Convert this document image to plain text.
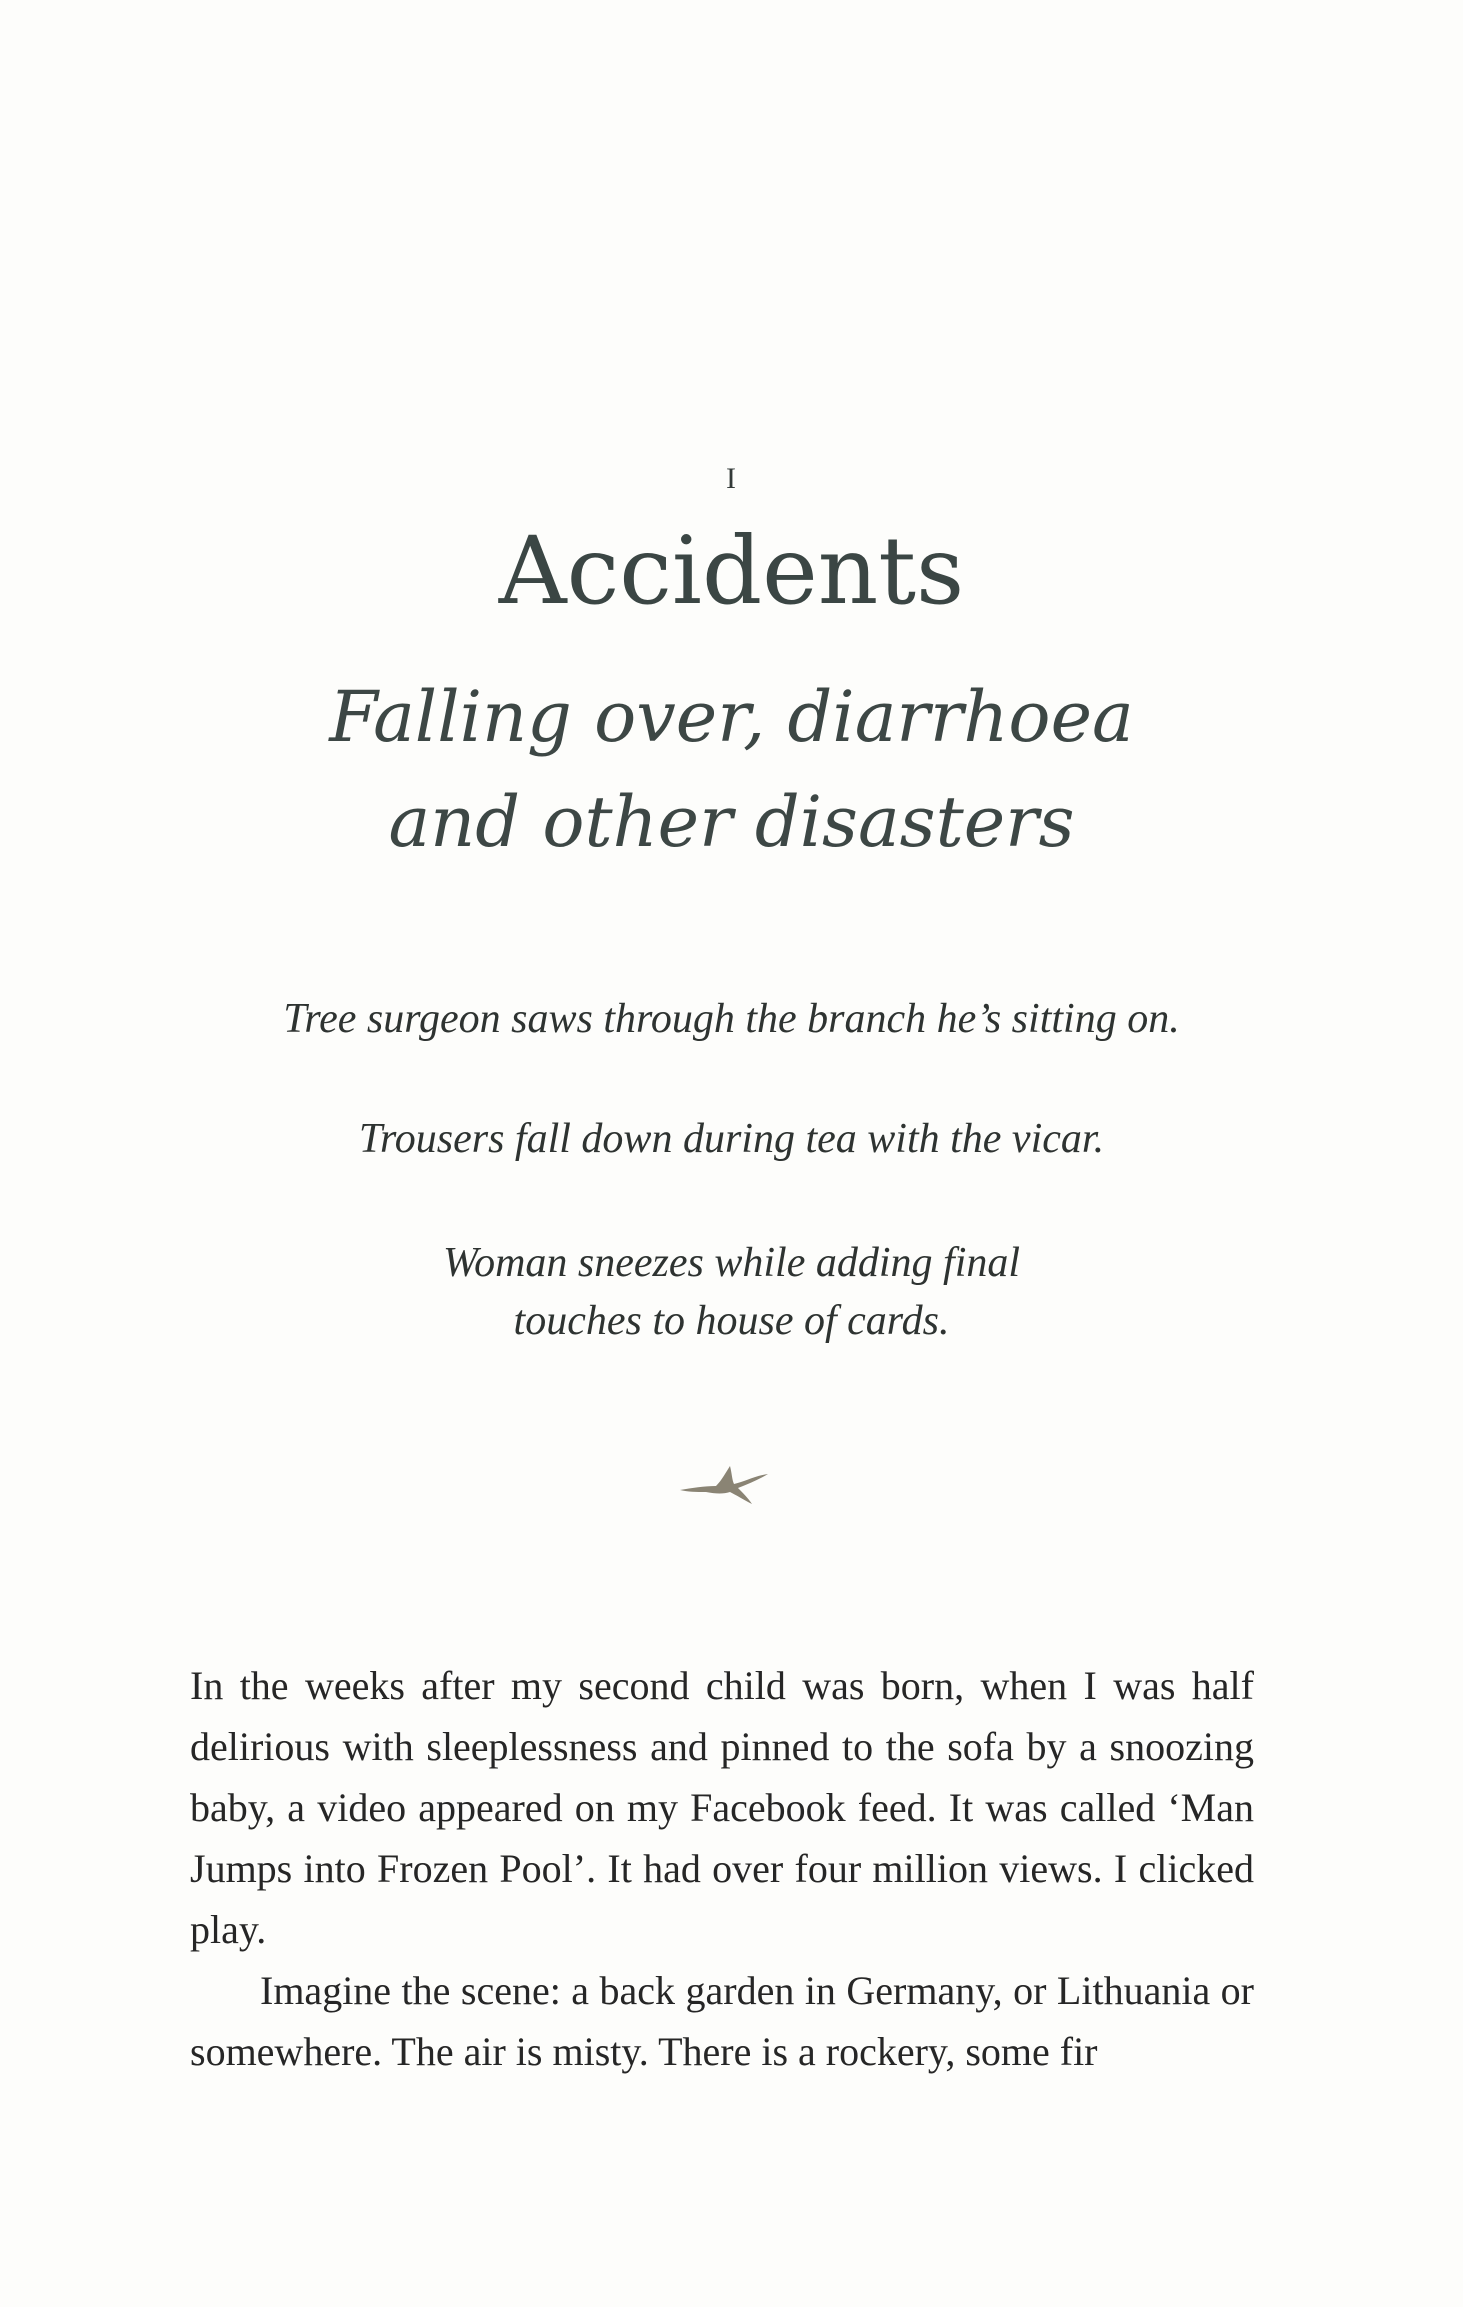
I
Accidents
Falling over, diarrhoea
and other disasters
Tree surgeon saws through the branch he’s sitting on.
Trousers fall down during tea with the vicar.
Woman sneezes while adding final
touches to house of cards.

In the weeks after my second child was born, when I was half delirious with sleeplessness and pinned to the sofa by a snoozing baby, a video appeared on my Facebook feed. It was called ‘Man Jumps into Frozen Pool’. It had over four million views. I clicked play.

Imagine the scene: a back garden in Germany, or Lithuania or somewhere. The air is misty. There is a rockery, some fir
